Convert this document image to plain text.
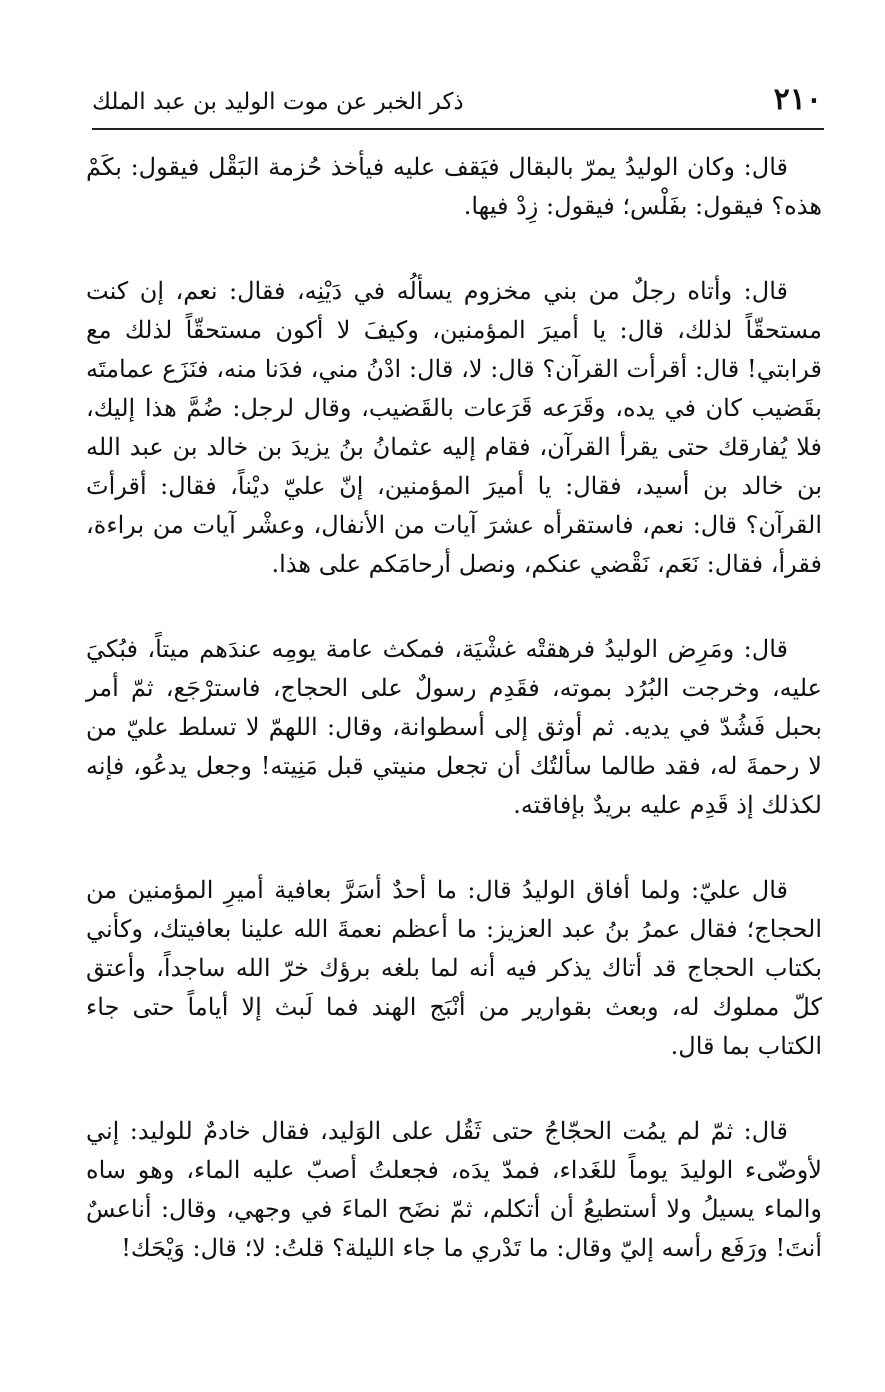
٢١٠
ذكر الخبر عن موت الوليد بن عبد الملك

قال: وكان الوليدُ يمرّ بالبقال فيَقف عليه فيأخذ حُزمة البَقْل فيقول: بكَمْ هذه؟ فيقول: بفَلْس؛ فيقول: زِدْ فيها.

قال: وأتاه رجلٌ من بني مخزوم يسألُه في دَيْنِه، فقال: نعم، إن كنت مستحقّاً لذلك، قال: يا أميرَ المؤمنين، وكيفَ لا أكون مستحقّاً لذلك مع قرابتي! قال: أقرأت القرآن؟ قال: لا، قال: ادْنُ مني، فدَنا منه، فنَزَع عمامتَه بقَضيب كان في يده، وقَرَعه قَرَعات بالقَضيب، وقال لرجل: ضُمَّ هذا إليك، فلا يُفارقك حتى يقرأ القرآن، فقام إليه عثمانُ بنُ يزيدَ بن خالد بن عبد الله بن خالد بن أسيد، فقال: يا أميرَ المؤمنين، إنّ عليّ ديْناً، فقال: أقرأتَ القرآن؟ قال: نعم، فاستقرأه عشرَ آيات من الأنفال، وعشْر آيات من براءة، فقرأ، فقال: نَعَم، نَقْضي عنكم، ونصل أرحامَكم على هذا.

قال: ومَرِض الوليدُ فرهقتْه غشْيَة، فمكث عامة يومِه عندَهم ميتاً، فبُكيَ عليه، وخرجت البُرُد بموته، فقَدِم رسولٌ على الحجاج، فاسترْجَع، ثمّ أمر بحبل فَشُدّ في يديه. ثم أوثق إلى أسطوانة، وقال: اللهمّ لا تسلط عليّ من لا رحمةَ له، فقد طالما سألتُك أن تجعل منيتي قبل مَنِيته! وجعل يدعُو، فإنه لكذلك إذ قَدِم عليه بريدٌ بإفاقته.

قال عليّ: ولما أفاق الوليدُ قال: ما أحدٌ أسَرَّ بعافية أميرِ المؤمنين من الحجاج؛ فقال عمرُ بنُ عبد العزيز: ما أعظم نعمةَ الله علينا بعافيتك، وكأني بكتاب الحجاج قد أتاك يذكر فيه أنه لما بلغه برؤك خرّ الله ساجداً، وأعتق كلّ مملوك له، وبعث بقوارير من أنْبَج الهند فما لَبث إلا أياماً حتى جاء الكتاب بما قال.

قال: ثمّ لم يمُت الحجّاجُ حتى ثَقُل على الوَليد، فقال خادمٌ للوليد: إني لأوضّىء الوليدَ يوماً للغَداء، فمدّ يدَه، فجعلتُ أصبّ عليه الماء، وهو ساه والماء يسيلُ ولا أستطيعُ أن أتكلم، ثمّ نضَح الماءَ في وجهي، وقال: أناعسٌ أنتَ! ورَفَع رأسه إليّ وقال: ما تَدْري ما جاء الليلة؟ قلتُ: لا؛ قال: وَيْحَك!
